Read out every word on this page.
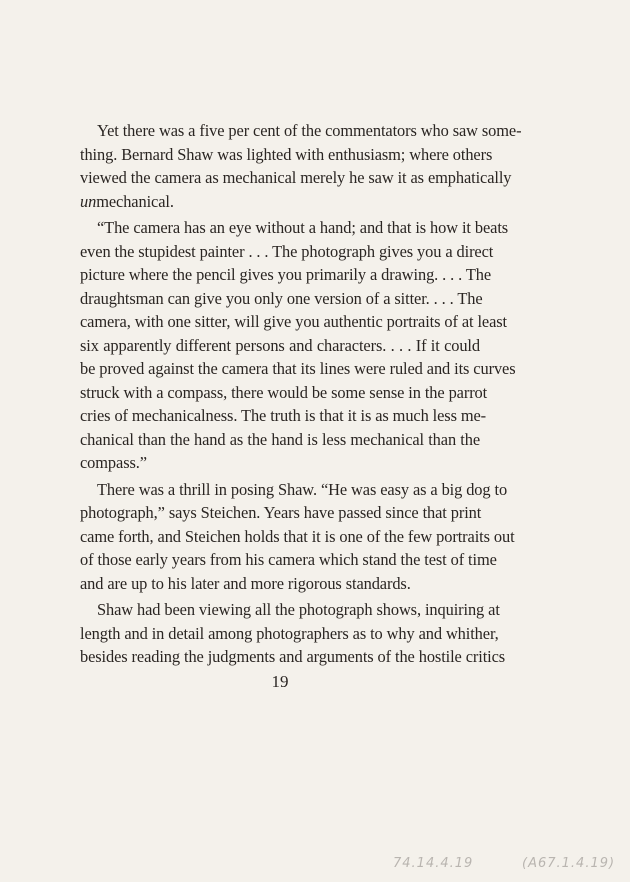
Yet there was a five per cent of the commentators who saw some-
thing. Bernard Shaw was lighted with enthusiasm; where others
viewed the camera as mechanical merely he saw it as emphatically
unmechanical.
“The camera has an eye without a hand; and that is how it beats
even the stupidest painter . . . The photograph gives you a direct
picture where the pencil gives you primarily a drawing. . . . The
draughtsman can give you only one version of a sitter. . . . The
camera, with one sitter, will give you authentic portraits of at least
six apparently different persons and characters. . . . If it could
be proved against the camera that its lines were ruled and its curves
struck with a compass, there would be some sense in the parrot
cries of mechanicalness. The truth is that it is as much less me-
chanical than the hand as the hand is less mechanical than the
compass.”
There was a thrill in posing Shaw. “He was easy as a big dog to
photograph,” says Steichen. Years have passed since that print
came forth, and Steichen holds that it is one of the few portraits out
of those early years from his camera which stand the test of time
and are up to his later and more rigorous standards.
Shaw had been viewing all the photograph shows, inquiring at
length and in detail among photographers as to why and whither,
besides reading the judgments and arguments of the hostile critics
19
74.14.4.19	(A67.1.4.19)
